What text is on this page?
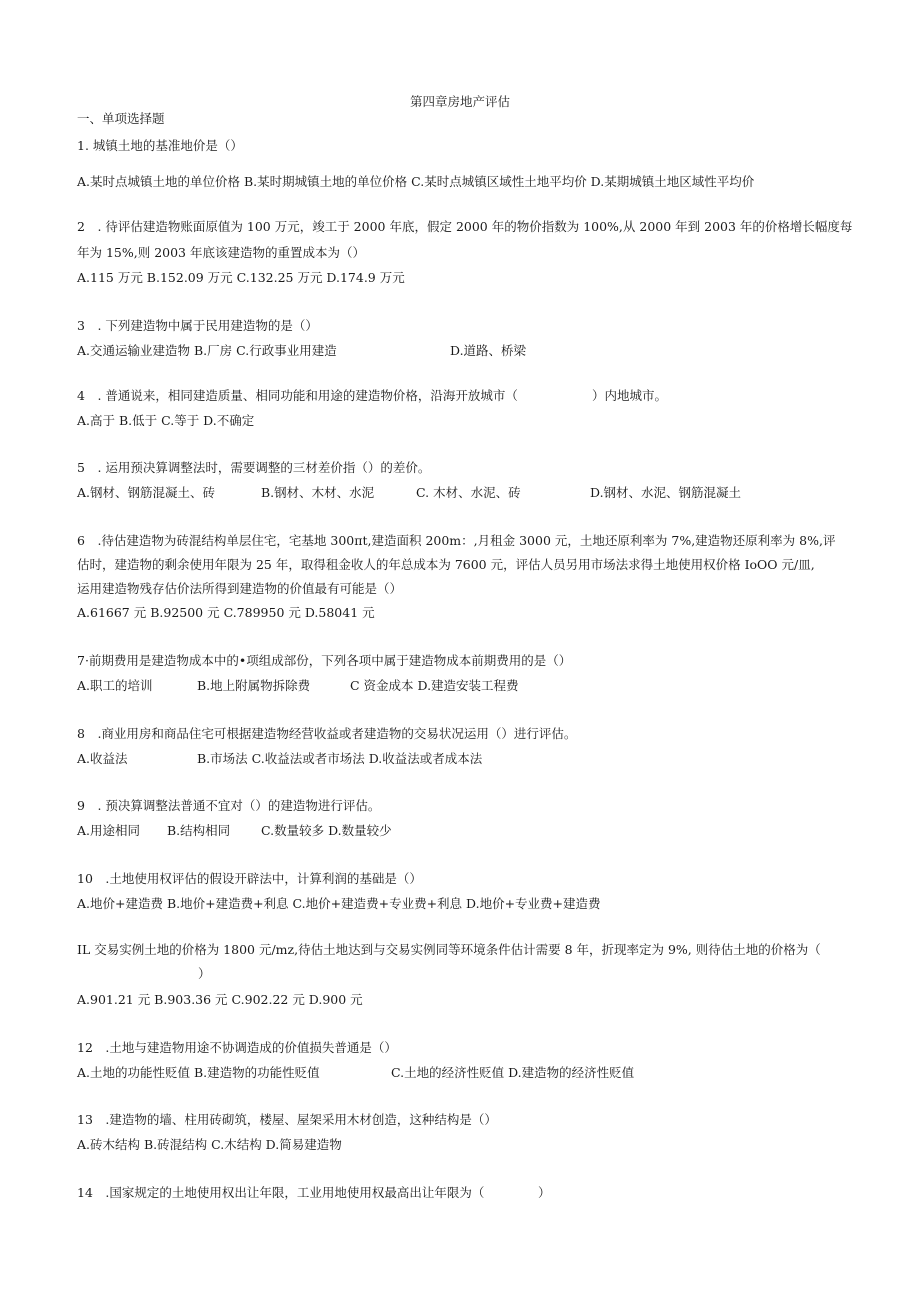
第四章房地产评估
一、单项选择题
1. 城镇土地的基准地价是（）
A.某时点城镇土地的单位价格 B.某时期城镇土地的单位价格 C.某时点城镇区域性土地平均价 D.某期城镇土地区域性平均价
2　. 待评估建造物账面原值为 100 万元，竣工于 2000 年底，假定 2000 年的物价指数为 100%,从 2000 年到 2003 年的价格增长幅度每
年为 15%,则 2003 年底该建造物的重置成本为（）
A.115 万元 B.152.09 万元 C.132.25 万元 D.174.9 万元
3　. 下列建造物中属于民用建造物的是（）
A.交通运输业建造物 B.厂房 C.行政事业用建造	D.道路、桥梁
4　. 普通说来，相同建造质量、相同功能和用途的建造物价格，沿海开放城市（	）内地城市。
A.高于 B.低于 C.等于 D.不确定
5　. 运用预决算调整法时，需要调整的三材差价指（）的差价。
A.钢材、钢筋混凝土、砖	B.钢材、木材、水泥	C. 木材、水泥、砖	D.钢材、水泥、钢筋混凝土
6　.待估建造物为砖混结构单层住宅，宅基地 300πt,建造面积 200m：,月租金 3000 元，土地还原利率为 7%,建造物还原利率为 8%,评
估时，建造物的剩余使用年限为 25 年，取得租金收人的年总成本为 7600 元，评估人员另用市场法求得土地使用权价格 IoOO 元/皿,
运用建造物残存估价法所得到建造物的价值最有可能是（）
A.61667 元 B.92500 元 C.789950 元 D.58041 元
7·前期费用是建造物成本中的•项组成部份，下列各项中属于建造物成本前期费用的是（）
A.职工的培训	B.地上附属物拆除费	C 资金成本 D.建造安装工程费
8　.商业用房和商品住宅可根据建造物经营收益或者建造物的交易状况运用（）进行评估。
A.收益法	B.市场法 C.收益法或者市场法 D.收益法或者成本法
9　. 预决算调整法普通不宜对（）的建造物进行评估。
A.用途相同 B.结构相同 C.数量较多 D.数量较少
10　.土地使用权评估的假设开辟法中，计算利润的基础是（）
A.地价+建造费 B.地价+建造费+利息 C.地价+建造费+专业费+利息 D.地价+专业费+建造费
IL 交易实例土地的价格为 1800 元/mz,待估土地达到与交易实例同等环境条件估计需要 8 年，折现率定为 9%, 则待估土地的价格为（
）
A.901.21 元 B.903.36 元 C.902.22 元 D.900 元
12　.土地与建造物用途不协调造成的价值损失普通是（）
A.土地的功能性贬值 B.建造物的功能性贬值	C.土地的经济性贬值 D.建造物的经济性贬值
13　.建造物的墙、柱用砖砌筑，楼屋、屋架采用木材创造，这种结构是（）
A.砖木结构 B.砖混结构 C.木结构 D.简易建造物
14　.国家规定的土地使用权出让年限，工业用地使用权最高出让年限为（	）
